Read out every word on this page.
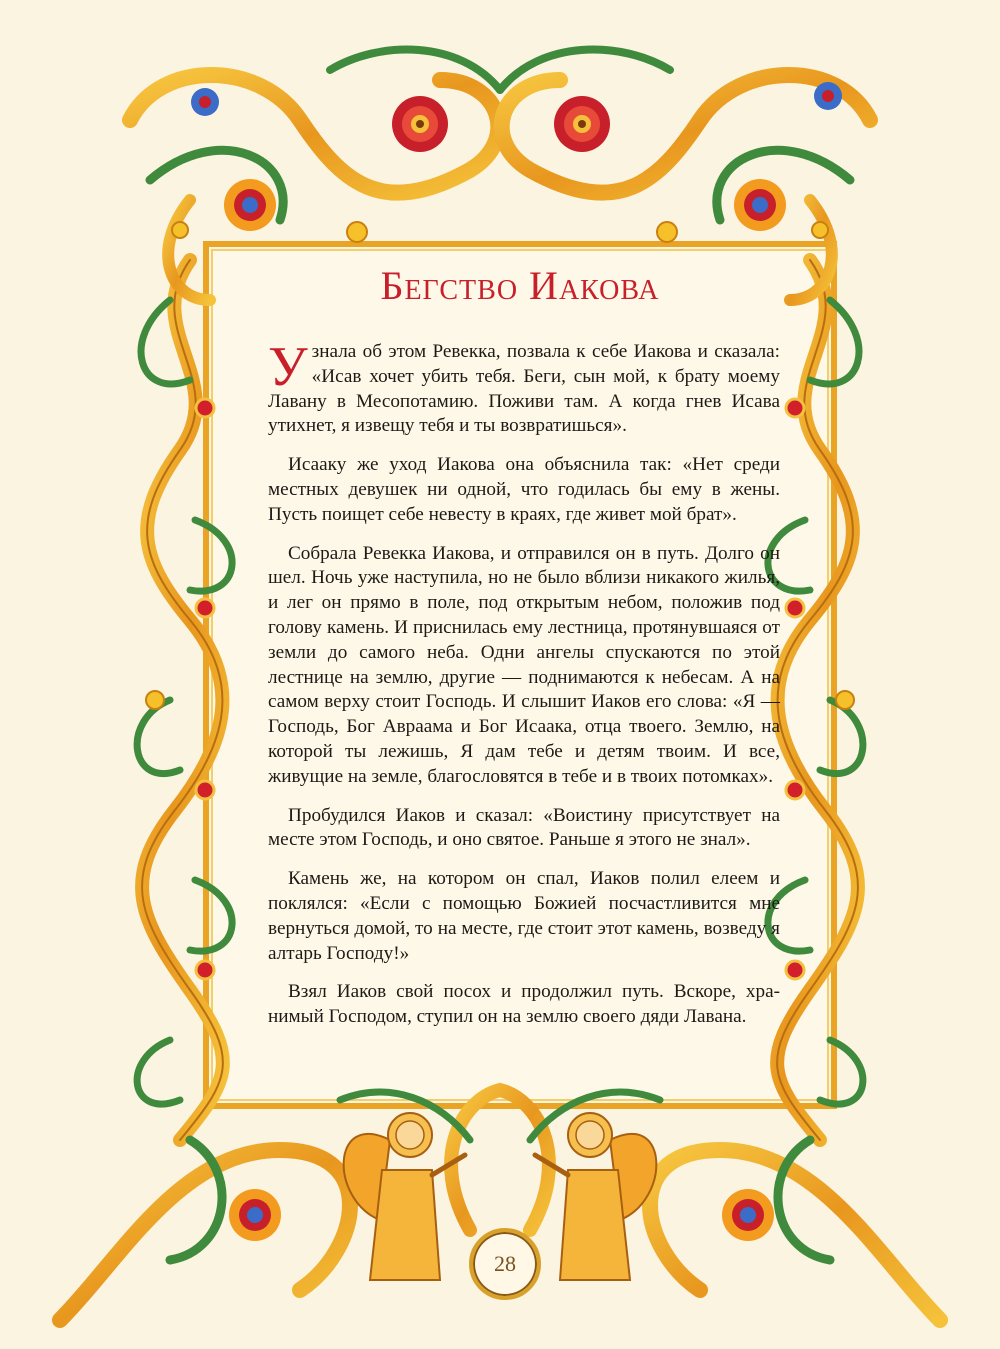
Бегство Иакова

Узнала об этом Ревекка, позвала к себе Иакова и сказала: «Исав хочет убить тебя. Беги, сын мой, к брату моему Лавану в Месопотамию. Поживи там. А когда гнев Исава утихнет, я извещу тебя и ты возвратишься».

Исааку же уход Иакова она объяснила так: «Нет среди местных девушек ни одной, что годилась бы ему в жены. Пусть поищет себе невесту в краях, где живет мой брат».

Собрала Ревекка Иакова, и отправился он в путь. Долго он шел. Ночь уже наступила, но не было вблизи никакого жилья, и лег он прямо в поле, под открытым небом, положив под голову камень. И приснилась ему лестница, протянувшаяся от земли до самого неба. Одни ангелы спускаются по этой лестнице на землю, другие — поднимаются к небесам. А на самом верху стоит Господь. И слышит Иаков его слова: «Я — Господь, Бог Авраама и Бог Исаака, отца твоего. Землю, на которой ты лежишь, Я дам тебе и детям твоим. И все, живущие на земле, благословятся в тебе и в твоих потомках».

Пробудился Иаков и сказал: «Воистину присутствует на месте этом Господь, и оно святое. Раньше я этого не знал».

Камень же, на котором он спал, Иаков полил елеем и поклялся: «Если с помощью Божией посчастливится мне вернуться домой, то на месте, где стоит этот камень, возведу я алтарь Господу!»

Взял Иаков свой посох и продолжил путь. Вскоре, хранимый Господом, ступил он на землю своего дяди Лавана.

28
